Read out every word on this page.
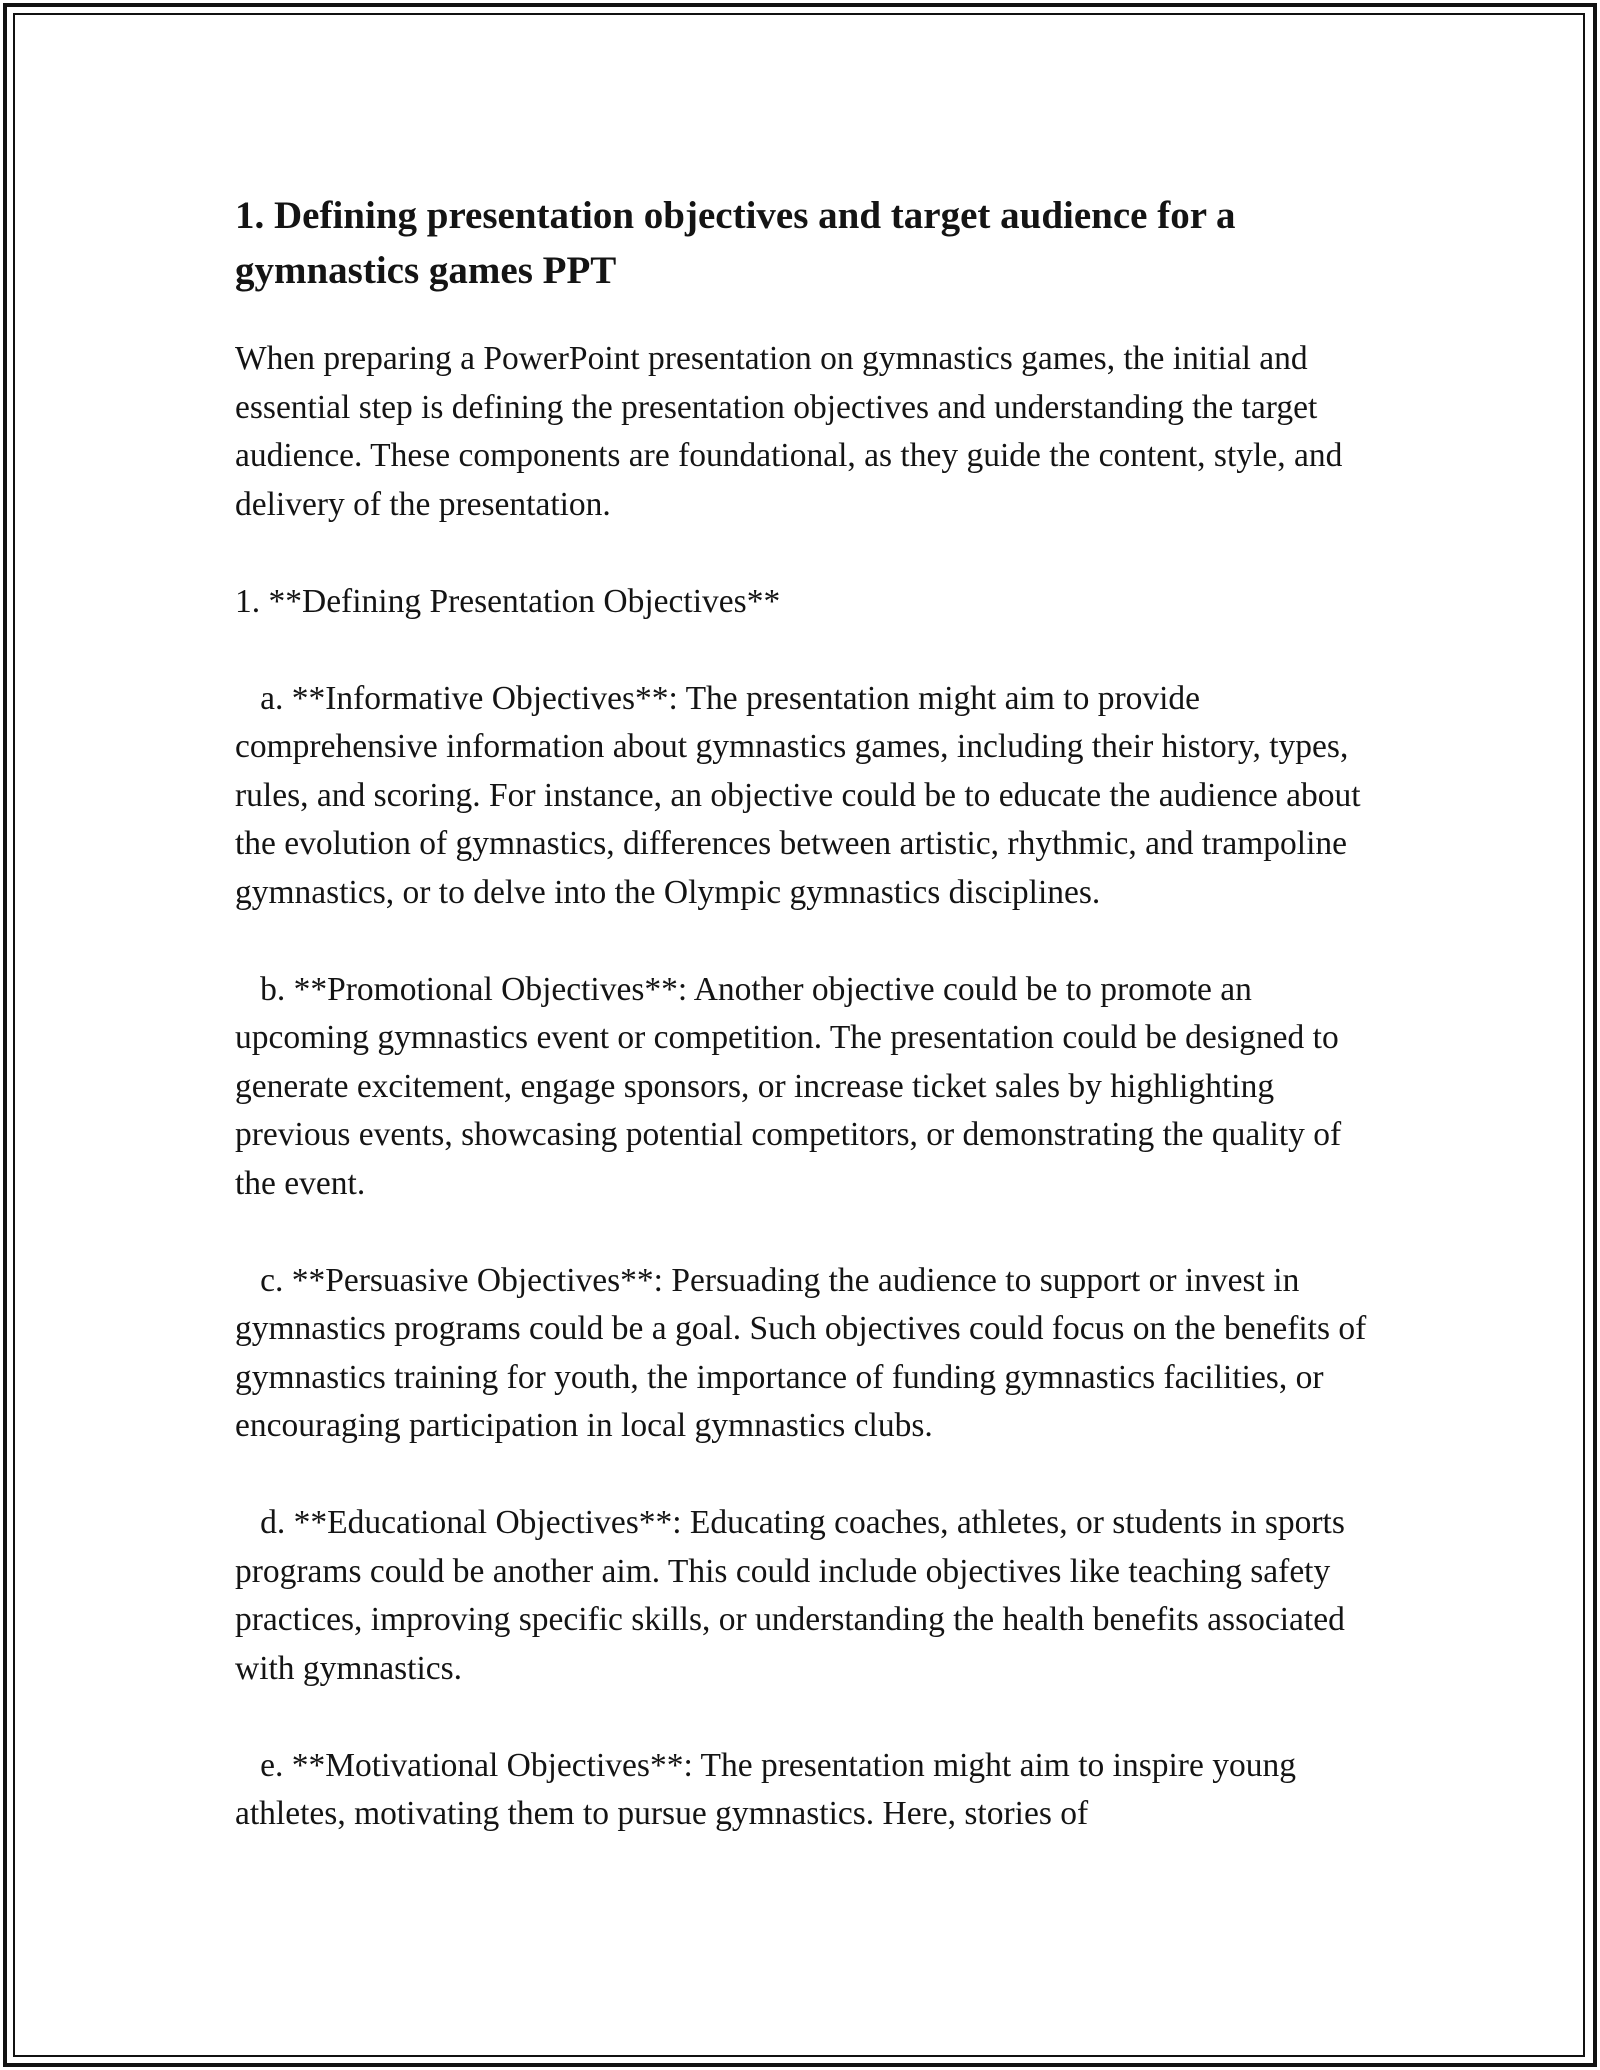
1. Defining presentation objectives and target audience for a gymnastics games PPT

When preparing a PowerPoint presentation on gymnastics games, the initial and essential step is defining the presentation objectives and understanding the target audience. These components are foundational, as they guide the content, style, and delivery of the presentation.

1. **Defining Presentation Objectives**

a. **Informative Objectives**: The presentation might aim to provide comprehensive information about gymnastics games, including their history, types, rules, and scoring. For instance, an objective could be to educate the audience about the evolution of gymnastics, differences between artistic, rhythmic, and trampoline gymnastics, or to delve into the Olympic gymnastics disciplines.

b. **Promotional Objectives**: Another objective could be to promote an upcoming gymnastics event or competition. The presentation could be designed to generate excitement, engage sponsors, or increase ticket sales by highlighting previous events, showcasing potential competitors, or demonstrating the quality of the event.

c. **Persuasive Objectives**: Persuading the audience to support or invest in gymnastics programs could be a goal. Such objectives could focus on the benefits of gymnastics training for youth, the importance of funding gymnastics facilities, or encouraging participation in local gymnastics clubs.

d. **Educational Objectives**: Educating coaches, athletes, or students in sports programs could be another aim. This could include objectives like teaching safety practices, improving specific skills, or understanding the health benefits associated with gymnastics.

e. **Motivational Objectives**: The presentation might aim to inspire young athletes, motivating them to pursue gymnastics. Here, stories of
